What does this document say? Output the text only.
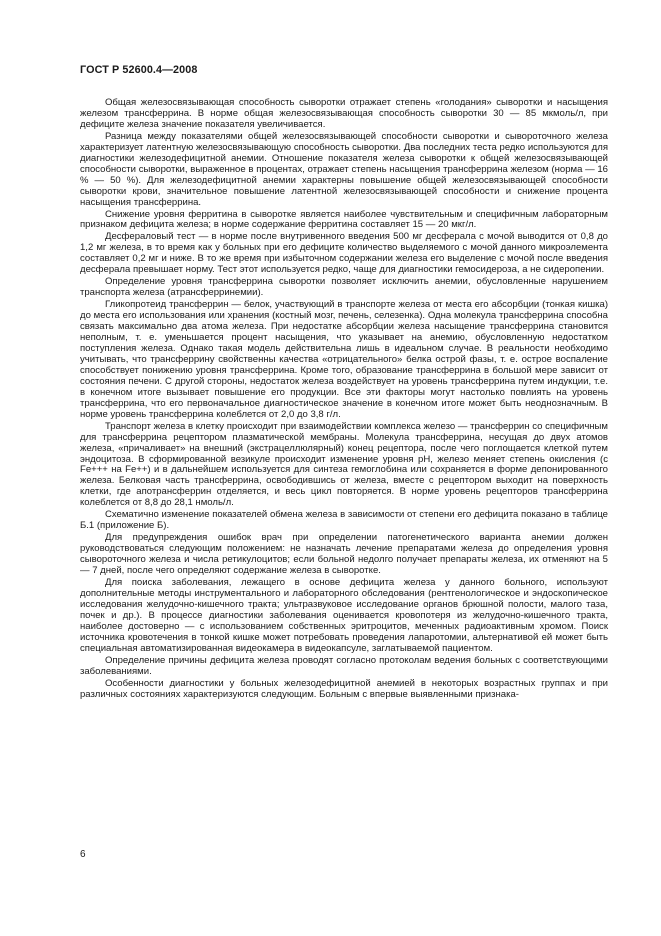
ГОСТ Р 52600.4—2008

Общая железосвязывающая способность сыворотки отражает степень «голодания» сыворотки и насыщения железом трансферрина. В норме общая железосвязывающая способность сыворотки 30 — 85 мкмоль/л, при дефиците железа значение показателя увеличивается.

Разница между показателями общей железосвязывающей способности сыворотки и сывороточного железа характеризует латентную железосвязывающую способность сыворотки. Два последних теста редко используются для диагностики железодефицитной анемии. Отношение показателя железа сыворотки к общей железосвязывающей способности сыворотки, выраженное в процентах, отражает степень насыщения трансферрина железом (норма — 16 % — 50 %). Для железодефицитной анемии характерны повышение общей железосвязывающей способности сыворотки крови, значительное повышение латентной железосвязывающей способности и снижение процента насыщения трансферрина.

Снижение уровня ферритина в сыворотке является наиболее чувствительным и специфичным лабораторным признаком дефицита железа; в норме содержание ферритина составляет 15 — 20 мкг/л.

Десфераловый тест — в норме после внутривенного введения 500 мг десферала с мочой выводится от 0,8 до 1,2 мг железа, в то время как у больных при его дефиците количество выделяемого с мочой данного микроэлемента составляет 0,2 мг и ниже. В то же время при избыточном содержании железа его выделение с мочой после введения десферала превышает норму. Тест этот используется редко, чаще для диагностики гемосидероза, а не сидеропении.

Определение уровня трансферрина сыворотки позволяет исключить анемии, обусловленные нарушением транспорта железа (атрансферринемии).

Гликопротеид трансферрин — белок, участвующий в транспорте железа от места его абсорбции (тонкая кишка) до места его использования или хранения (костный мозг, печень, селезенка). Одна молекула трансферрина способна связать максимально два атома железа. При недостатке абсорбции железа насыщение трансферрина становится неполным, т. е. уменьшается процент насыщения, что указывает на анемию, обусловленную недостатком поступления железа. Однако такая модель действительна лишь в идеальном случае. В реальности необходимо учитывать, что трансферрину свойственны качества «отрицательного» белка острой фазы, т. е. острое воспаление способствует понижению уровня трансферрина. Кроме того, образование трансферрина в большой мере зависит от состояния печени. С другой стороны, недостаток железа воздействует на уровень трансферрина путем индукции, т.е. в конечном итоге вызывает повышение его продукции. Все эти факторы могут настолько повлиять на уровень трансферрина, что его первоначальное диагностическое значение в конечном итоге может быть неоднозначным. В норме уровень трансферрина колеблется от 2,0 до 3,8 г/л.

Транспорт железа в клетку происходит при взаимодействии комплекса железо — трансферрин со специфичным для трансферрина рецептором плазматической мембраны. Молекула трансферрина, несущая до двух атомов железа, «причаливает» на внешний (экстрацеллюлярный) конец рецептора, после чего поглощается клеткой путем эндоцитоза. В сформированной везикуле происходит изменение уровня pH, железо меняет степень окисления (с Fe+++ на Fe++) и в дальнейшем используется для синтеза гемоглобина или сохраняется в форме депонированного железа. Белковая часть трансферрина, освободившись от железа, вместе с рецептором выходит на поверхность клетки, где апотрансферрин отделяется, и весь цикл повторяется. В норме уровень рецепторов трансферрина колеблется от 8,8 до 28,1 нмоль/л.

Схематично изменение показателей обмена железа в зависимости от степени его дефицита показано в таблице Б.1 (приложение Б).

Для предупреждения ошибок врач при определении патогенетического варианта анемии должен руководствоваться следующим положением: не назначать лечение препаратами железа до определения уровня сывороточного железа и числа ретикулоцитов; если больной недолго получает препараты железа, их отменяют на 5 — 7 дней, после чего определяют содержание железа в сыворотке.

Для поиска заболевания, лежащего в основе дефицита железа у данного больного, используют дополнительные методы инструментального и лабораторного обследования (рентгенологическое и эндоскопическое исследования желудочно-кишечного тракта; ультразвуковое исследование органов брюшной полости, малого таза, почек и др.). В процессе диагностики заболевания оценивается кровопотеря из желудочно-кишечного тракта, наиболее достоверно — с использованием собственных эритроцитов, меченных радиоактивным хромом. Поиск источника кровотечения в тонкой кишке может потребовать проведения лапаротомии, альтернативой ей может быть специальная автоматизированная видеокамера в видеокапсуле, заглатываемой пациентом.

Определение причины дефицита железа проводят согласно протоколам ведения больных с соответствующими заболеваниями.

Особенности диагностики у больных железодефицитной анемией в некоторых возрастных группах и при различных состояниях характеризуются следующим. Больным с впервые выявленными признака-

6
